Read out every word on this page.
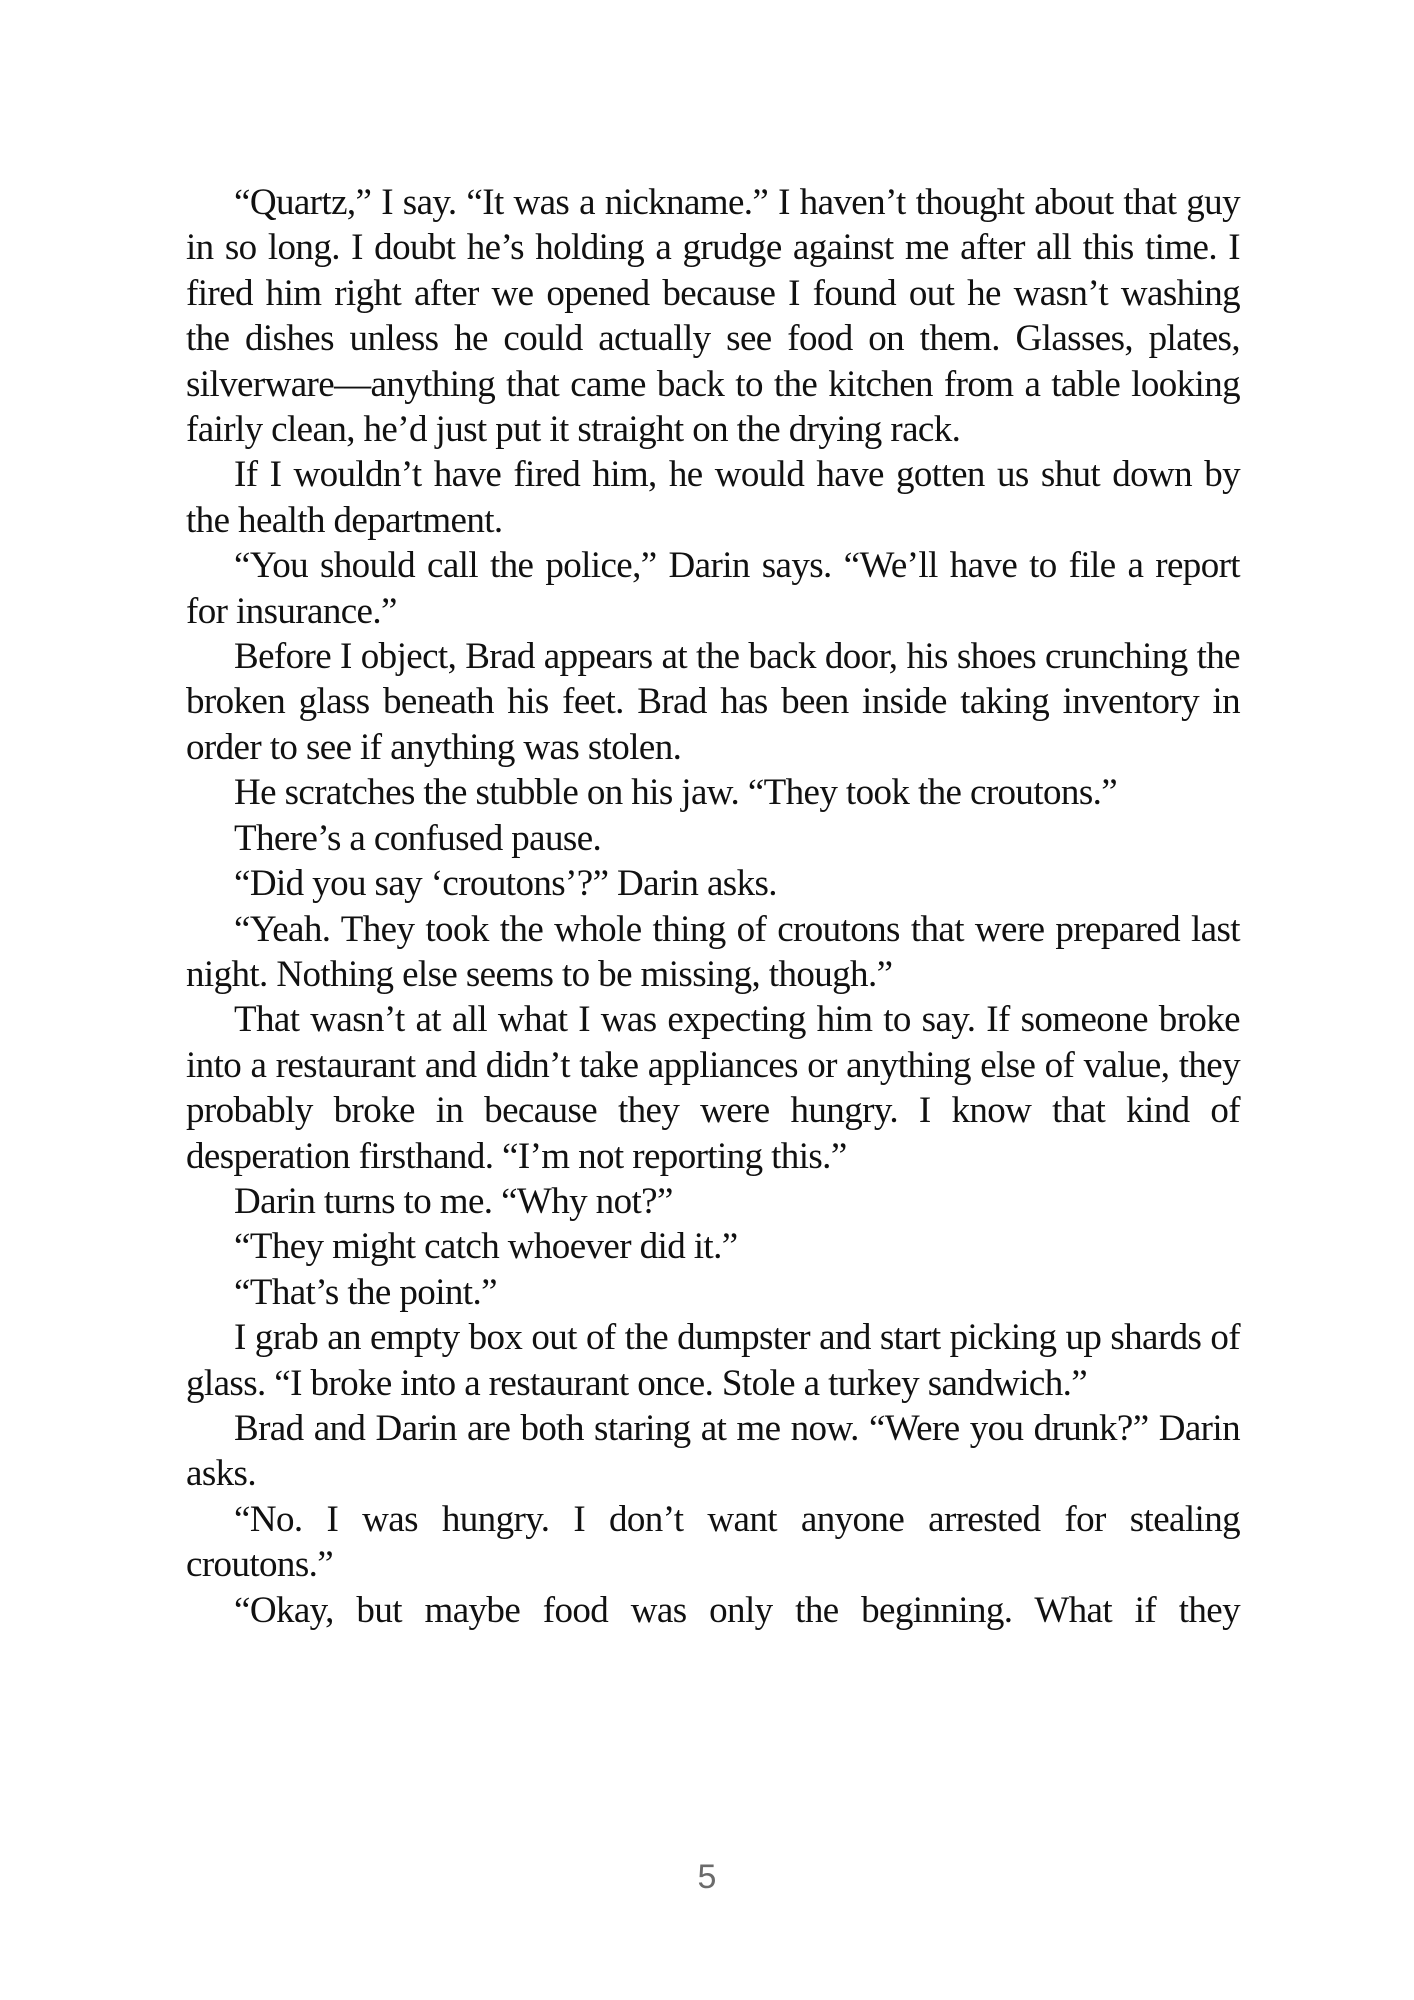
“Quartz,” I say. “It was a nickname.” I haven’t thought about that guy in so long. I doubt he’s holding a grudge against me after all this time. I fired him right after we opened because I found out he wasn’t washing the dishes unless he could actually see food on them. Glasses, plates, silverware—anything that came back to the kitchen from a table looking fairly clean, he’d just put it straight on the drying rack.

If I wouldn’t have fired him, he would have gotten us shut down by the health department.

“You should call the police,” Darin says. “We’ll have to file a report for insurance.”

Before I object, Brad appears at the back door, his shoes crunching the broken glass beneath his feet. Brad has been inside taking inventory in order to see if anything was stolen.

He scratches the stubble on his jaw. “They took the croutons.”

There’s a confused pause.

“Did you say ‘croutons’?” Darin asks.

“Yeah. They took the whole thing of croutons that were prepared last night. Nothing else seems to be missing, though.”

That wasn’t at all what I was expecting him to say. If someone broke into a restaurant and didn’t take appliances or anything else of value, they probably broke in because they were hungry. I know that kind of desperation firsthand. “I’m not reporting this.”

Darin turns to me. “Why not?”

“They might catch whoever did it.”

“That’s the point.”

I grab an empty box out of the dumpster and start picking up shards of glass. “I broke into a restaurant once. Stole a turkey sandwich.”

Brad and Darin are both staring at me now. “Were you drunk?” Darin asks.

“No. I was hungry. I don’t want anyone arrested for stealing croutons.”

“Okay, but maybe food was only the beginning. What if they

5
